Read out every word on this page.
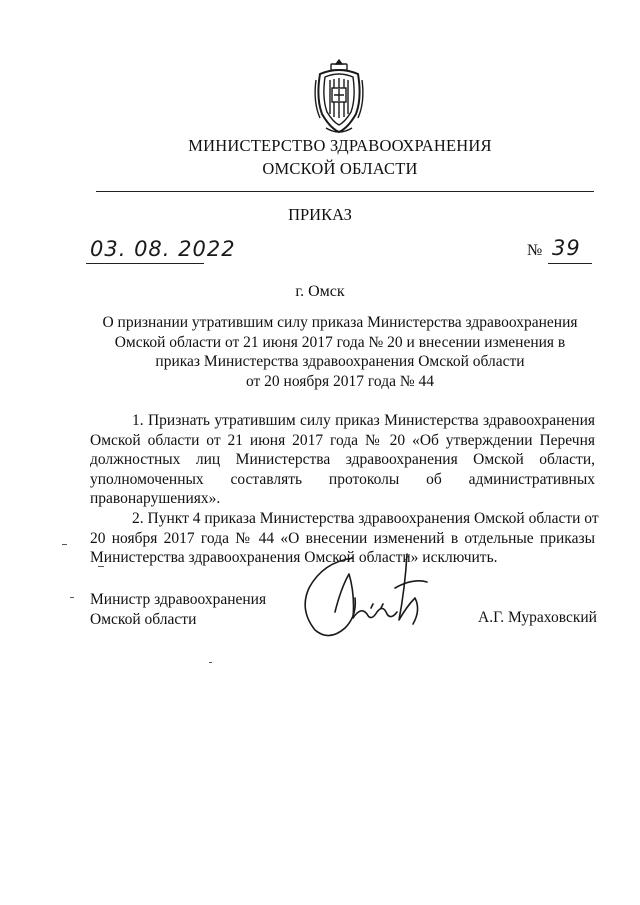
МИНИСТЕРСТВО ЗДРАВООХРАНЕНИЯ
ОМСКОЙ ОБЛАСТИ
ПРИКАЗ
03. 08. 2022	№ 39
г. Омск
О признании утратившим силу приказа Министерства здравоохранения
Омской области от 21 июня 2017 года № 20 и внесении изменения в
приказ Министерства здравоохранения Омской области
от 20 ноября 2017 года № 44
1. Признать утратившим силу приказ Министерства здравоохранения
Омской области от 21 июня 2017 года № 20 «Об утверждении Перечня
должностных лиц Министерства здравоохранения Омской области,
уполномоченных составлять протоколы об административных
правонарушениях».
2. Пункт 4 приказа Министерства здравоохранения Омской области от
20 ноября 2017 года № 44 «О внесении изменений в отдельные приказы
Министерства здравоохранения Омской области» исключить.
Министр здравоохранения
Омской области	А.Г. Мураховский
